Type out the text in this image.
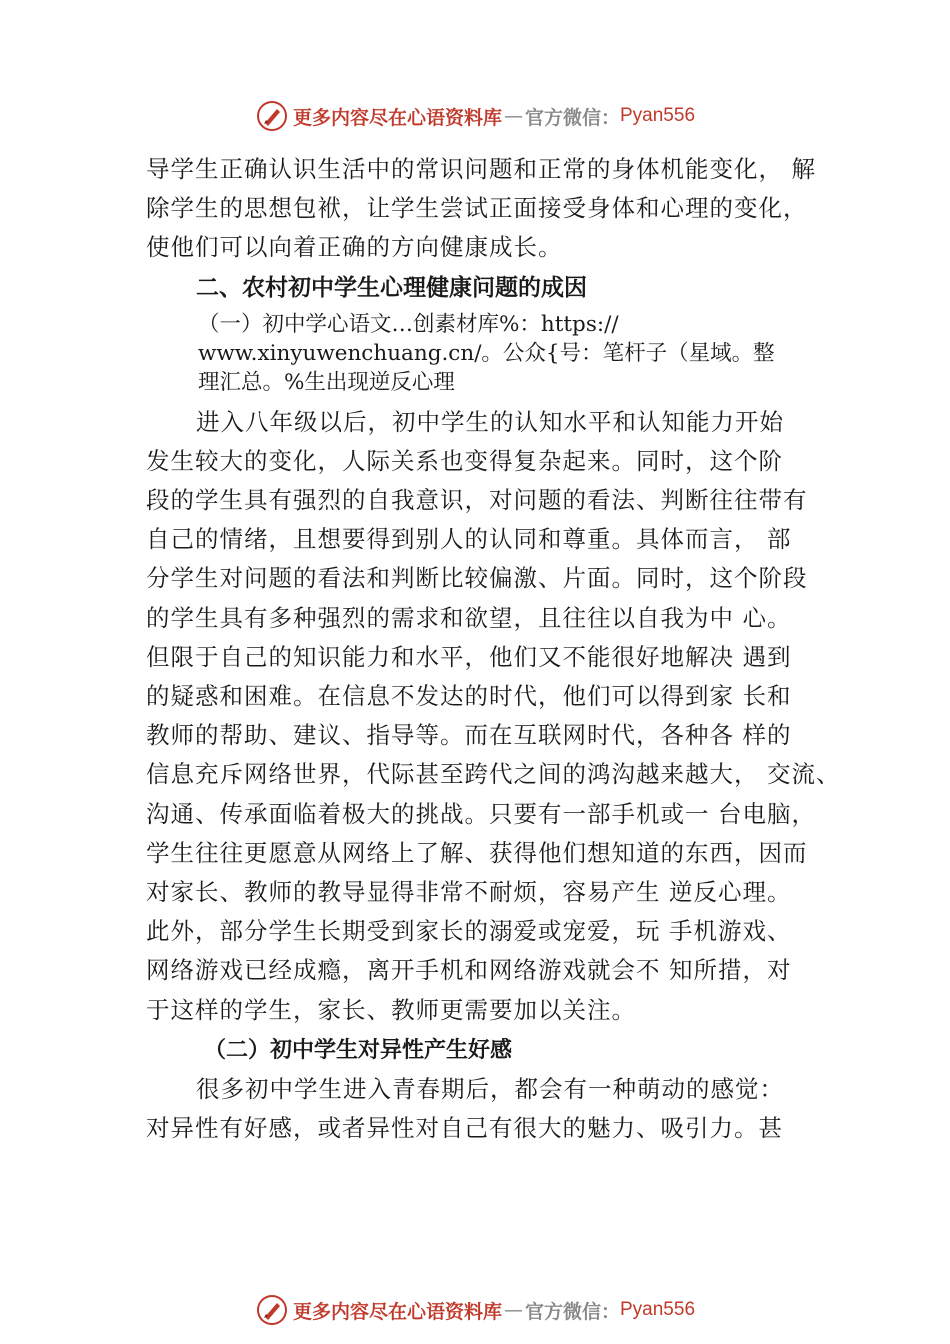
更多内容尽在心语资料库 — 官方微信： Pyan556
导学生正确认识生活中的常识问题和正常的身体机能变化， 解
除学生的思想包袱，让学生尝试正面接受身体和心理的变化，
使他们可以向着正确的方向健康成长。
二、农村初中学生心理健康问题的成因
（一）初中学心语文…创素材库%：https://
www.xinyuwenchuang.cn/。公众{号：笔杆子（星域。整
理汇总。%生出现逆反心理
进入八年级以后，初中学生的认知水平和认知能力开始
发生较大的变化，人际关系也变得复杂起来。同时，这个阶
段的学生具有强烈的自我意识，对问题的看法、判断往往带有
自己的情绪，且想要得到别人的认同和尊重。具体而言， 部
分学生对问题的看法和判断比较偏激、片面。同时，这个阶段
的学生具有多种强烈的需求和欲望，且往往以自我为中 心。
但限于自己的知识能力和水平，他们又不能很好地解决 遇到
的疑惑和困难。在信息不发达的时代，他们可以得到家 长和
教师的帮助、建议、指导等。而在互联网时代，各种各 样的
信息充斥网络世界，代际甚至跨代之间的鸿沟越来越大， 交流、
沟通、传承面临着极大的挑战。只要有一部手机或一 台电脑，
学生往往更愿意从网络上了解、获得他们想知道的东西，因而
对家长、教师的教导显得非常不耐烦，容易产生 逆反心理。
此外，部分学生长期受到家长的溺爱或宠爱，玩 手机游戏、
网络游戏已经成瘾，离开手机和网络游戏就会不 知所措，对
于这样的学生，家长、教师更需要加以关注。
（二）初中学生对异性产生好感
很多初中学生进入青春期后，都会有一种萌动的感觉：
对异性有好感，或者异性对自己有很大的魅力、吸引力。甚
更多内容尽在心语资料库 — 官方微信： Pyan556
